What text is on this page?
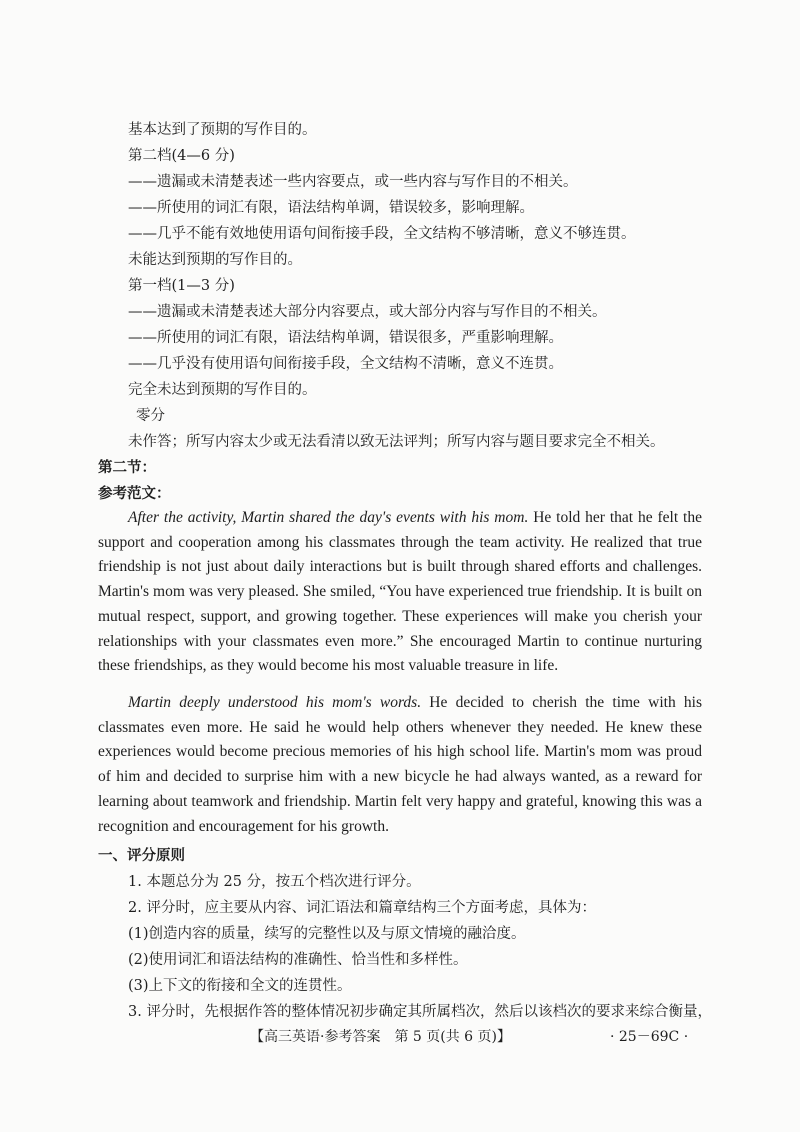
基本达到了预期的写作目的。
第二档(4—6 分)
——遗漏或未清楚表述一些内容要点，或一些内容与写作目的不相关。
——所使用的词汇有限，语法结构单调，错误较多，影响理解。
——几乎不能有效地使用语句间衔接手段，全文结构不够清晰，意义不够连贯。
未能达到预期的写作目的。
第一档(1—3 分)
——遗漏或未清楚表述大部分内容要点，或大部分内容与写作目的不相关。
——所使用的词汇有限，语法结构单调，错误很多，严重影响理解。
——几乎没有使用语句间衔接手段，全文结构不清晰，意义不连贯。
完全未达到预期的写作目的。
零分
未作答；所写内容太少或无法看清以致无法评判；所写内容与题目要求完全不相关。
第二节：
参考范文：
After the activity, Martin shared the day's events with his mom. He told her that he felt the support and cooperation among his classmates through the team activity. He realized that true friendship is not just about daily interactions but is built through shared efforts and challenges. Martin's mom was very pleased. She smiled, “You have experienced true friendship. It is built on mutual respect, support, and growing together. These experiences will make you cherish your relationships with your classmates even more.” She encouraged Martin to continue nurturing these friendships, as they would become his most valuable treasure in life.
Martin deeply understood his mom's words. He decided to cherish the time with his classmates even more. He said he would help others whenever they needed. He knew these experiences would become precious memories of his high school life. Martin's mom was proud of him and decided to surprise him with a new bicycle he had always wanted, as a reward for learning about teamwork and friendship. Martin felt very happy and grateful, knowing this was a recognition and encouragement for his growth.
一、评分原则
1. 本题总分为 25 分，按五个档次进行评分。
2. 评分时，应主要从内容、词汇语法和篇章结构三个方面考虑，具体为：
(1)创造内容的质量，续写的完整性以及与原文情境的融洽度。
(2)使用词汇和语法结构的准确性、恰当性和多样性。
(3)上下文的衔接和全文的连贯性。
3. 评分时，先根据作答的整体情况初步确定其所属档次，然后以该档次的要求来综合衡量，
【高三英语·参考答案　第 5 页(共 6 页)】	· 25－69C ·
